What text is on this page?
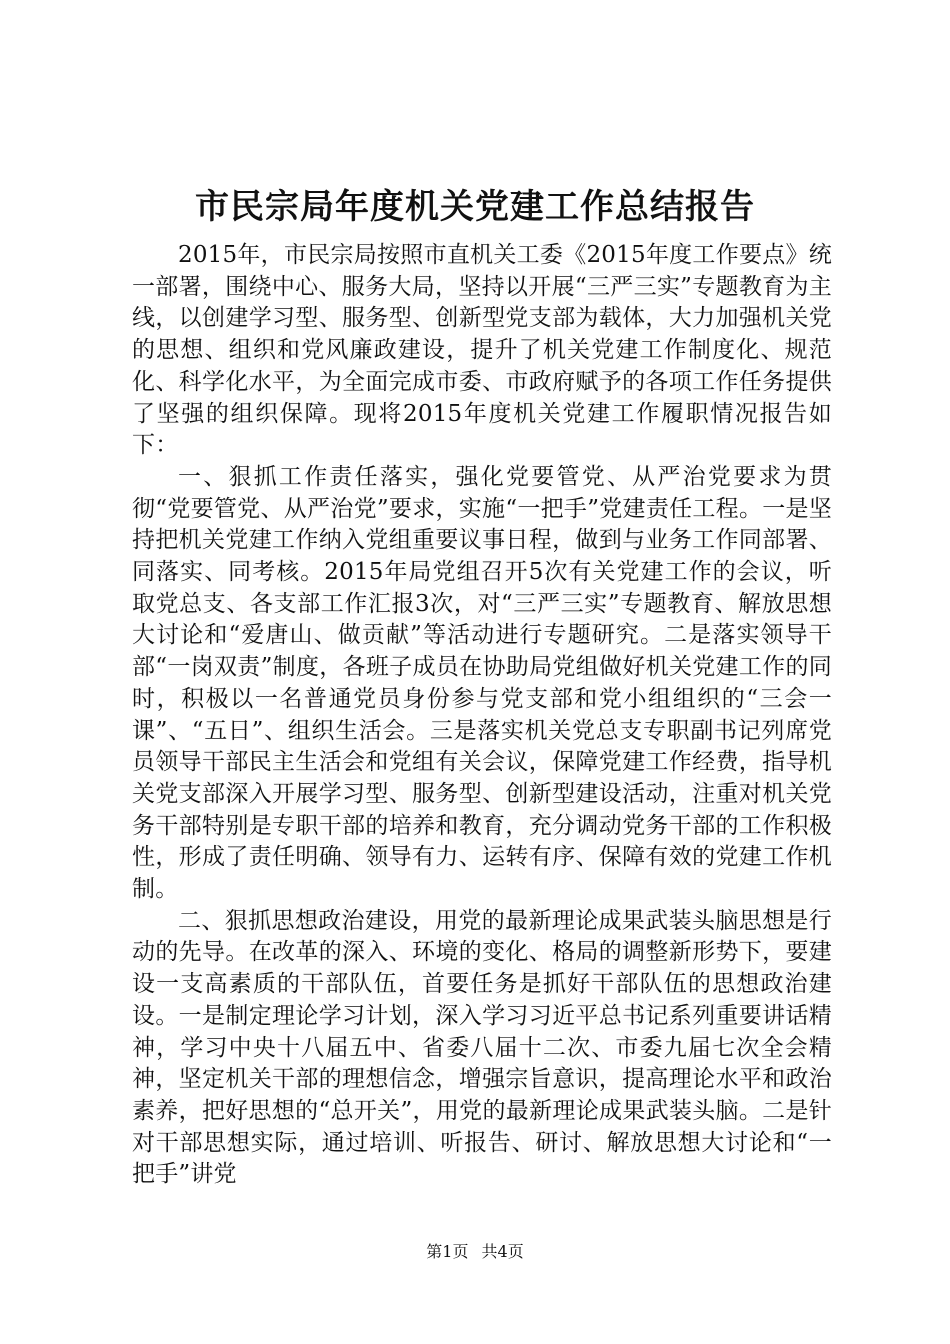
市民宗局年度机关党建工作总结报告

2015年，市民宗局按照市直机关工委《2015年度工作要点》统一部署，围绕中心、服务大局，坚持以开展“三严三实”专题教育为主线，以创建学习型、服务型、创新型党支部为载体，大力加强机关党的思想、组织和党风廉政建设，提升了机关党建工作制度化、规范化、科学化水平，为全面完成市委、市政府赋予的各项工作任务提供了坚强的组织保障。现将2015年度机关党建工作履职情况报告如下：

一、狠抓工作责任落实，强化党要管党、从严治党要求为贯彻“党要管党、从严治党”要求，实施“一把手”党建责任工程。一是坚持把机关党建工作纳入党组重要议事日程，做到与业务工作同部署、同落实、同考核。2015年局党组召开5次有关党建工作的会议，听取党总支、各支部工作汇报3次，对“三严三实”专题教育、解放思想大讨论和“爱唐山、做贡献”等活动进行专题研究。二是落实领导干部“一岗双责”制度，各班子成员在协助局党组做好机关党建工作的同时，积极以一名普通党员身份参与党支部和党小组组织的“三会一课”、“五日”、组织生活会。三是落实机关党总支专职副书记列席党员领导干部民主生活会和党组有关会议，保障党建工作经费，指导机关党支部深入开展学习型、服务型、创新型建设活动，注重对机关党务干部特别是专职干部的培养和教育，充分调动党务干部的工作积极性，形成了责任明确、领导有力、运转有序、保障有效的党建工作机制。

二、狠抓思想政治建设，用党的最新理论成果武装头脑思想是行动的先导。在改革的深入、环境的变化、格局的调整新形势下，要建设一支高素质的干部队伍，首要任务是抓好干部队伍的思想政治建设。一是制定理论学习计划，深入学习习近平总书记系列重要讲话精神，学习中央十八届五中、省委八届十二次、市委九届七次全会精神，坚定机关干部的理想信念，增强宗旨意识，提高理论水平和政治素养，把好思想的“总开关”，用党的最新理论成果武装头脑。二是针对干部思想实际，通过培训、听报告、研讨、解放思想大讨论和“一把手”讲党

第1页 共4页
